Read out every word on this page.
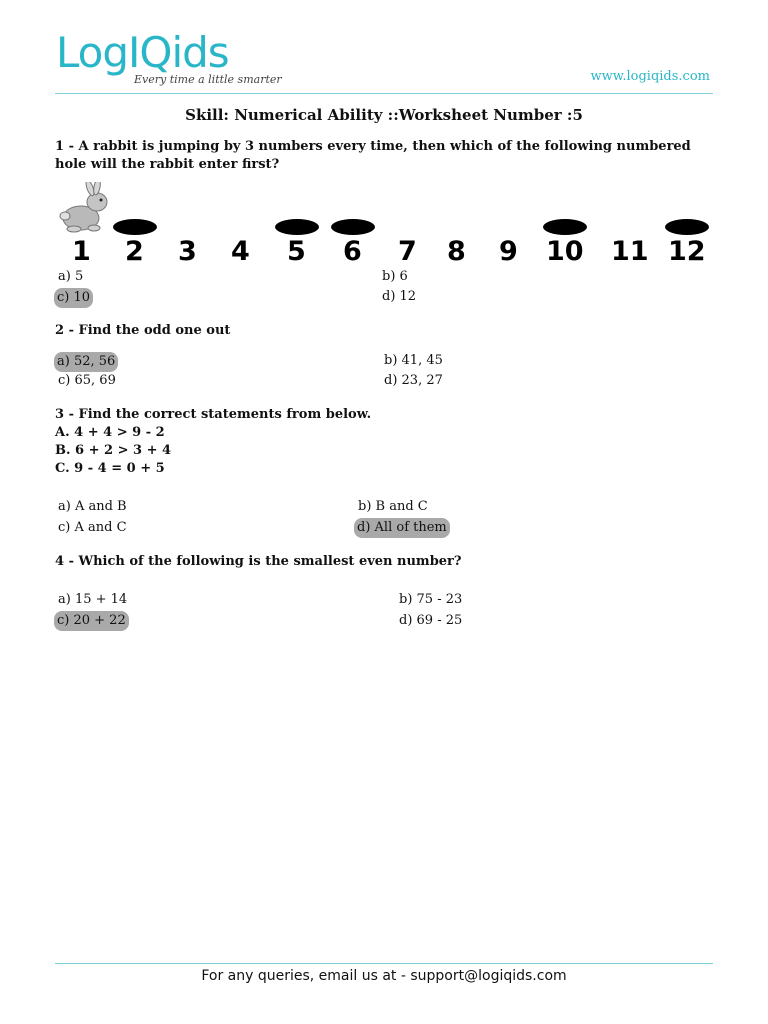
LogIQids
Every time a little smarter	www.logiqids.com
Skill: Numerical Ability ::Worksheet Number :5
1 - A rabbit is jumping by 3 numbers every time, then which of the following numbered
hole will the rabbit enter first?
1 2 3 4 5 6 7 8 9 10 11 12
a) 5	b) 6
c) 10	d) 12
2 - Find the odd one out
a) 52, 56	b) 41, 45
c) 65, 69	d) 23, 27
3 - Find the correct statements from below.
A. 4 + 4 > 9 - 2
B. 6 + 2 > 3 + 4
C. 9 - 4 = 0 + 5
a) A and B	b) B and C
c) A and C	d) All of them
4 - Which of the following is the smallest even number?
a) 15 + 14	b) 75 - 23
c) 20 + 22	d) 69 - 25
For any queries, email us at - support@logiqids.com
